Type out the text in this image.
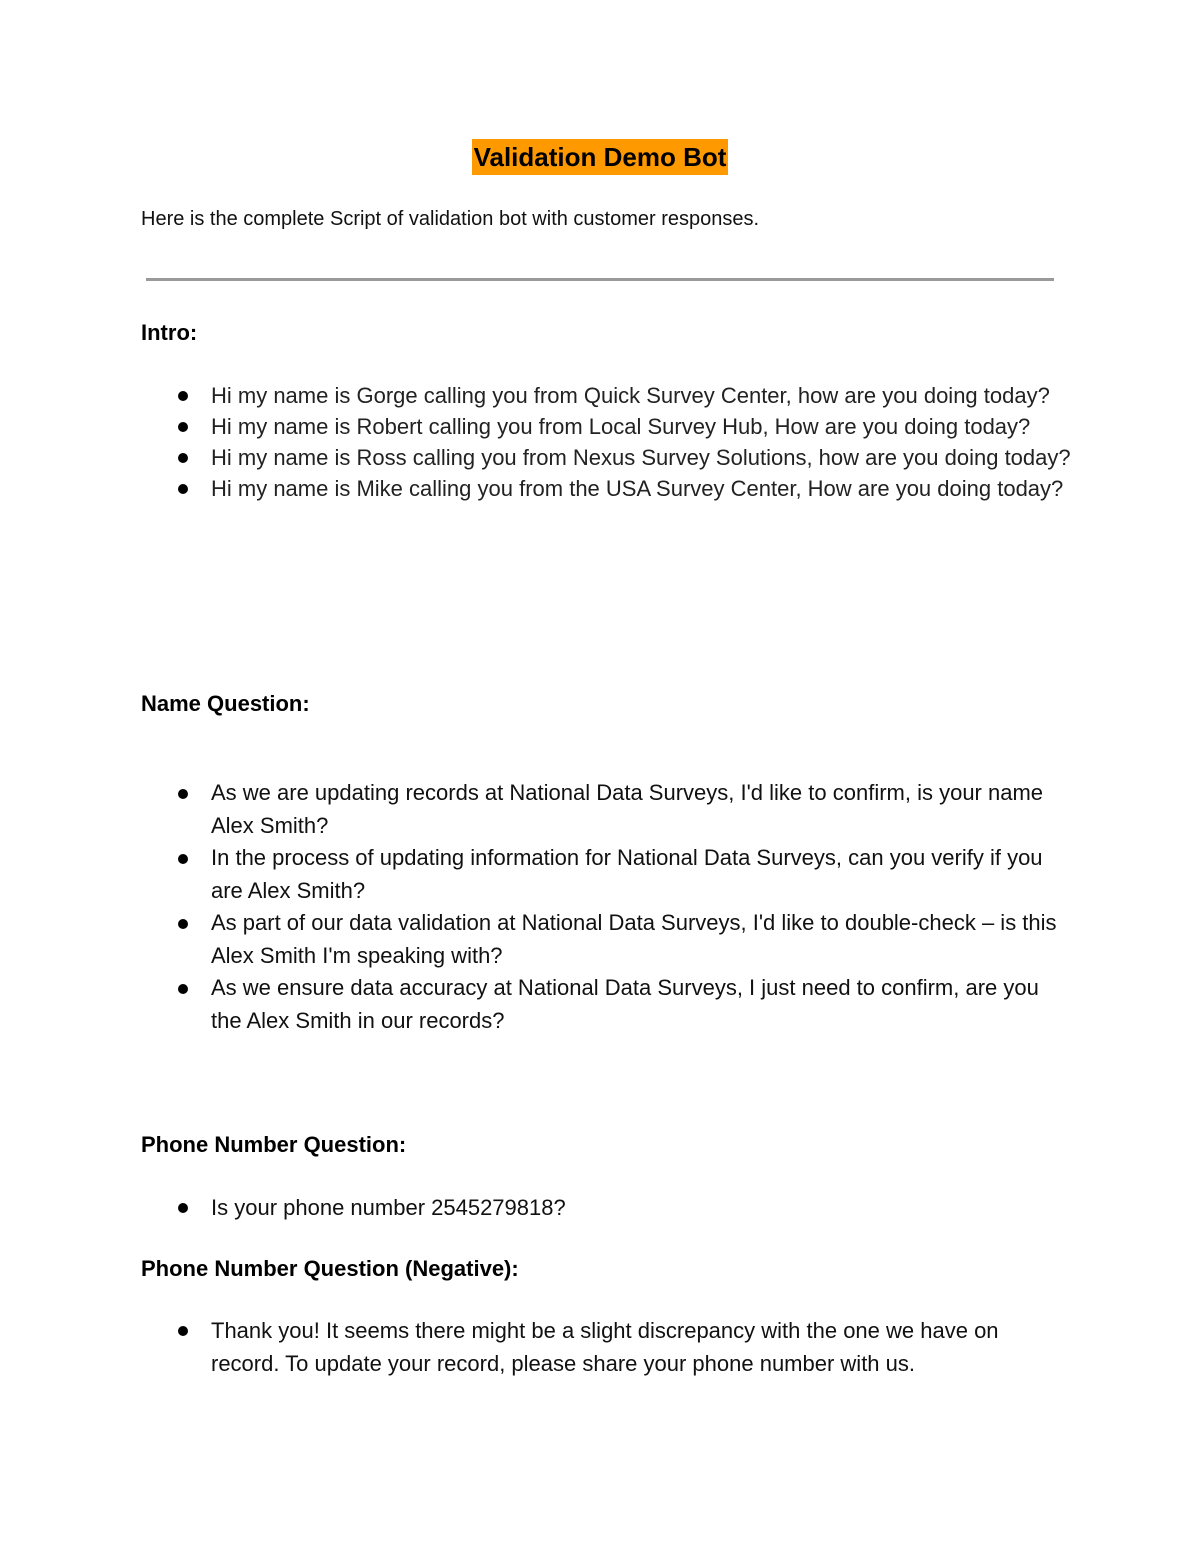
Validation Demo Bot
Here is the complete Script of validation bot with customer responses.
Intro:
Hi my name is Gorge calling you from Quick Survey Center, how are you doing today?
Hi my name is Robert calling you from Local Survey Hub, How are you doing today?
Hi my name is Ross calling you from Nexus Survey Solutions, how are you doing today?
Hi my name is Mike calling you from the USA Survey Center, How are you doing today?
Name Question:
As we are updating records at National Data Surveys, I'd like to confirm, is your name Alex Smith?
In the process of updating information for National Data Surveys, can you verify if you are Alex Smith?
As part of our data validation at National Data Surveys, I'd like to double-check – is this Alex Smith I'm speaking with?
As we ensure data accuracy at National Data Surveys, I just need to confirm, are you the Alex Smith in our records?
Phone Number Question:
Is your phone number 2545279818?
Phone Number Question (Negative):
Thank you! It seems there might be a slight discrepancy with the one we have on record. To update your record, please share your phone number with us.
